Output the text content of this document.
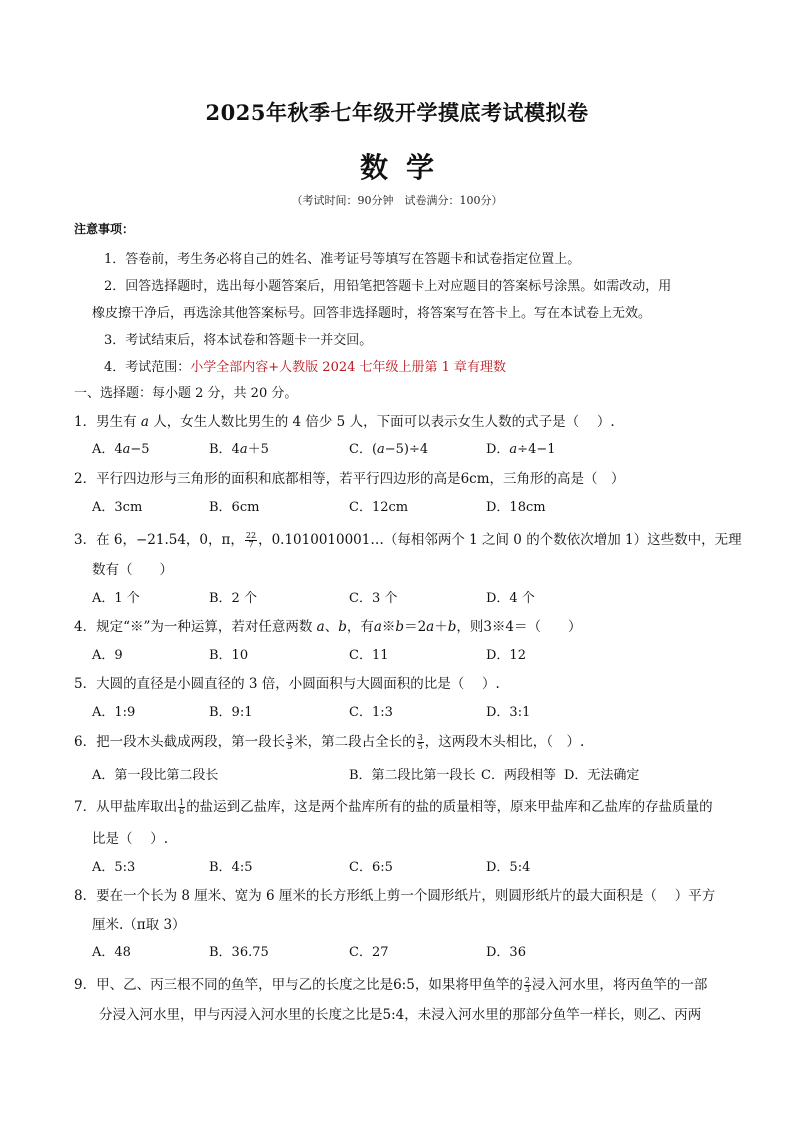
2025年秋季七年级开学摸底考试模拟卷
数学
（考试时间：90分钟　试卷满分：100分）
注意事项：
1．答卷前，考生务必将自己的姓名、准考证号等填写在答题卡和试卷指定位置上。
2．回答选择题时，选出每小题答案后，用铅笔把答题卡上对应题目的答案标号涂黑。如需改动，用
橡皮擦干净后，再选涂其他答案标号。回答非选择题时，将答案写在答卡上。写在本试卷上无效。
3．考试结束后，将本试卷和答题卡一并交回。
4．考试范围：小学全部内容+人教版 2024 七年级上册第 1 章有理数
一、选择题：每小题 2 分，共 20 分。
1．男生有 𝑎 人，女生人数比男生的 4 倍少 5 人，下面可以表示女生人数的式子是（　 ）.
A．4𝑎−5	B．4𝑎＋5	C．(𝑎−5)÷4	D．𝑎÷4−1
2．平行四边形与三角形的面积和底都相等，若平行四边形的高是6cm，三角形的高是（　）
A．3cm	B．6cm	C．12cm	D．18cm
3．在 6，−21.54，0，π， $\frac{22}{7}$ ，0.1010010001…（每相邻两个 1 之间 0 的个数依次增加 1）这些数中，无理
数有（　　）
A．1 个	B．2 个	C．3 个	D．4 个
4．规定“※”为一种运算，若对任意两数 𝑎、𝑏，有𝑎※𝑏＝2𝑎＋𝑏，则3※4＝（　　）
A．9	B．10	C．11	D．12
5．大圆的直径是小圆直径的 3 倍，小圆面积与大圆面积的比是（　 ）.
A．1:9	B．9:1	C．1:3	D．3:1
6．把一段木头截成两段，第一段长 $\frac{3}{5}$ 米，第二段占全长的 $\frac{3}{5}$ ，这两段木头相比，（　）.
A．第一段比第二段长	B．第二段比第一段长 C．两段相等 D．无法确定
7．从甲盐库取出 $\frac{1}{6}$ 的盐运到乙盐库，这是两个盐库所有的盐的质量相等，原来甲盐库和乙盐库的存盐质量的
比是（　 ）.
A．5:3	B．4:5	C．6:5	D．5:4
8．要在一个长为 8 厘米、宽为 6 厘米的长方形纸上剪一个圆形纸片，则圆形纸片的最大面积是（　 ）平方
厘米.（π取 3）
A．48	B．36.75	C．27	D．36
9．甲、乙、丙三根不同的鱼竿，甲与乙的长度之比是6:5，如果将甲鱼竿的 $\frac{2}{3}$ 浸入河水里，将丙鱼竿的一部
分浸入河水里，甲与丙浸入河水里的长度之比是5:4，未浸入河水里的那部分鱼竿一样长，则乙、丙两
